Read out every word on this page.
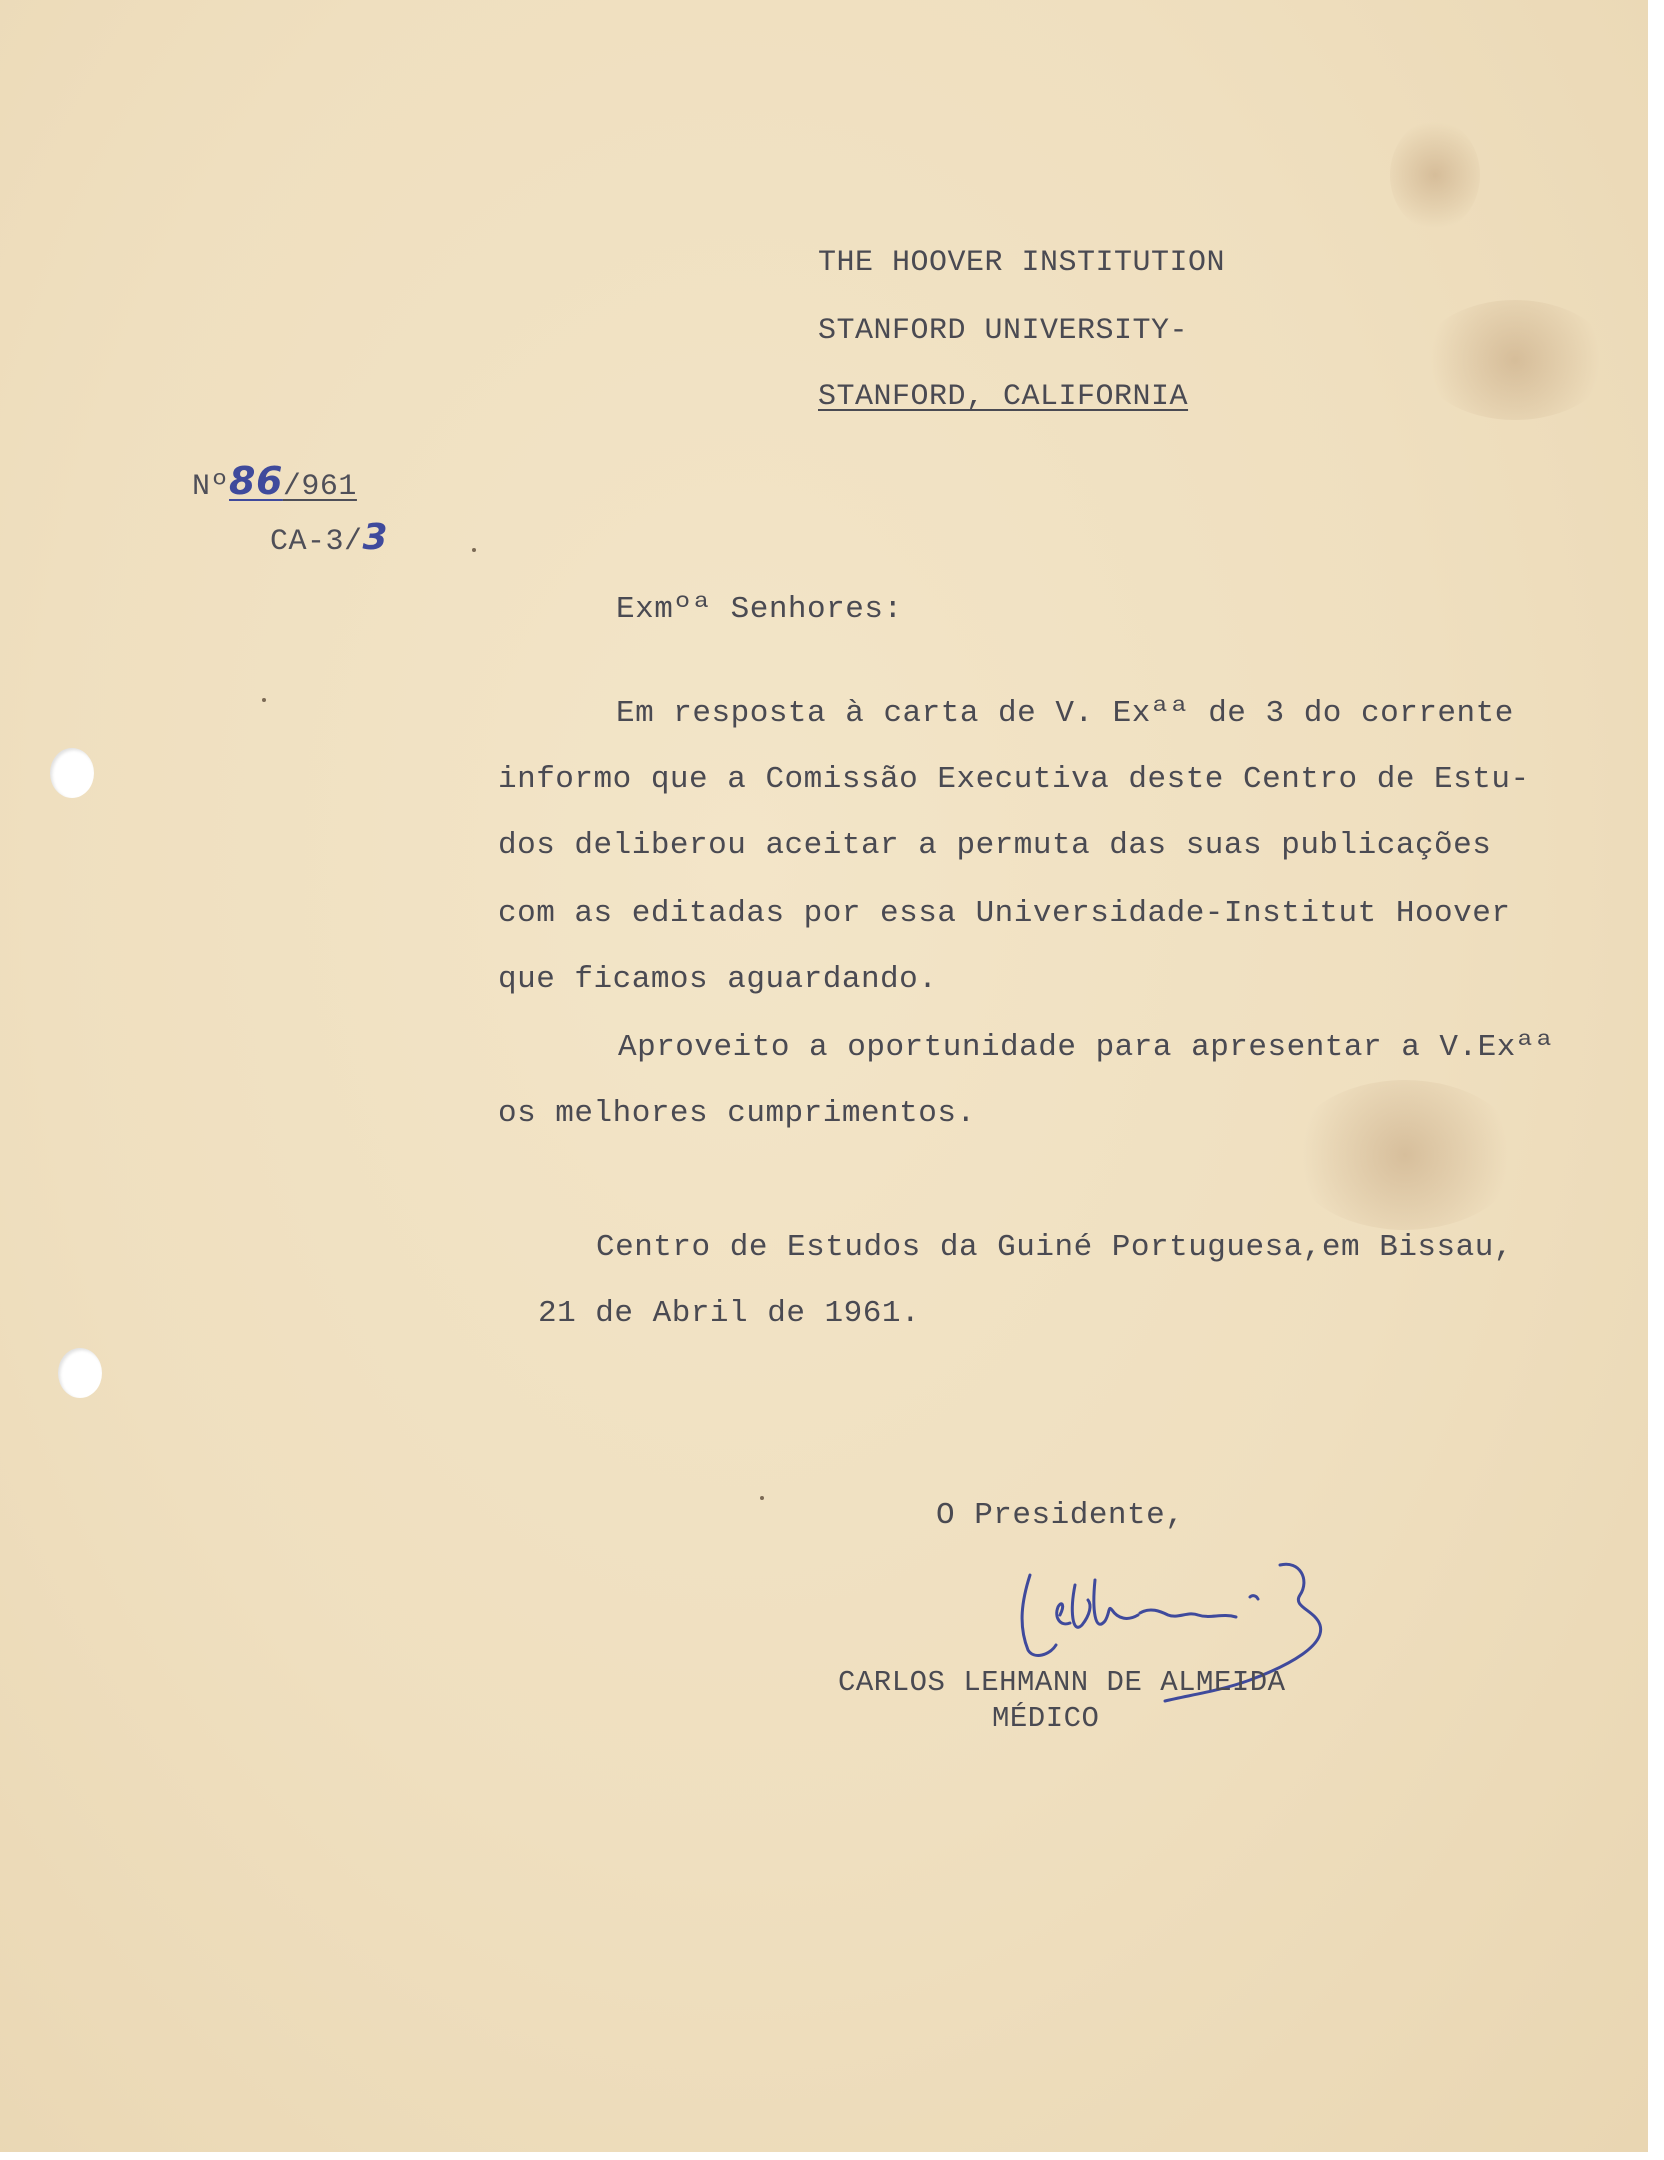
THE HOOVER INSTITUTION
STANFORD UNIVERSITY-
STANFORD, CALIFORNIA

Nº86/961

CA-3/3

Exmºª Senhores:
Em resposta à carta de V. Exªª de 3 do corrente
informo que a Comissão Executiva deste Centro de Estu-
dos deliberou aceitar a permuta das suas publicações
com as editadas por essa Universidade-Institut Hoover
que ficamos aguardando.
Aproveito a oportunidade para apresentar a V.Exªª
os melhores cumprimentos.
Centro de Estudos da Guiné Portuguesa,em Bissau,
21 de Abril de 1961.
O Presidente,
CARLOS LEHMANN DE ALMEIDA
MÉDICO
